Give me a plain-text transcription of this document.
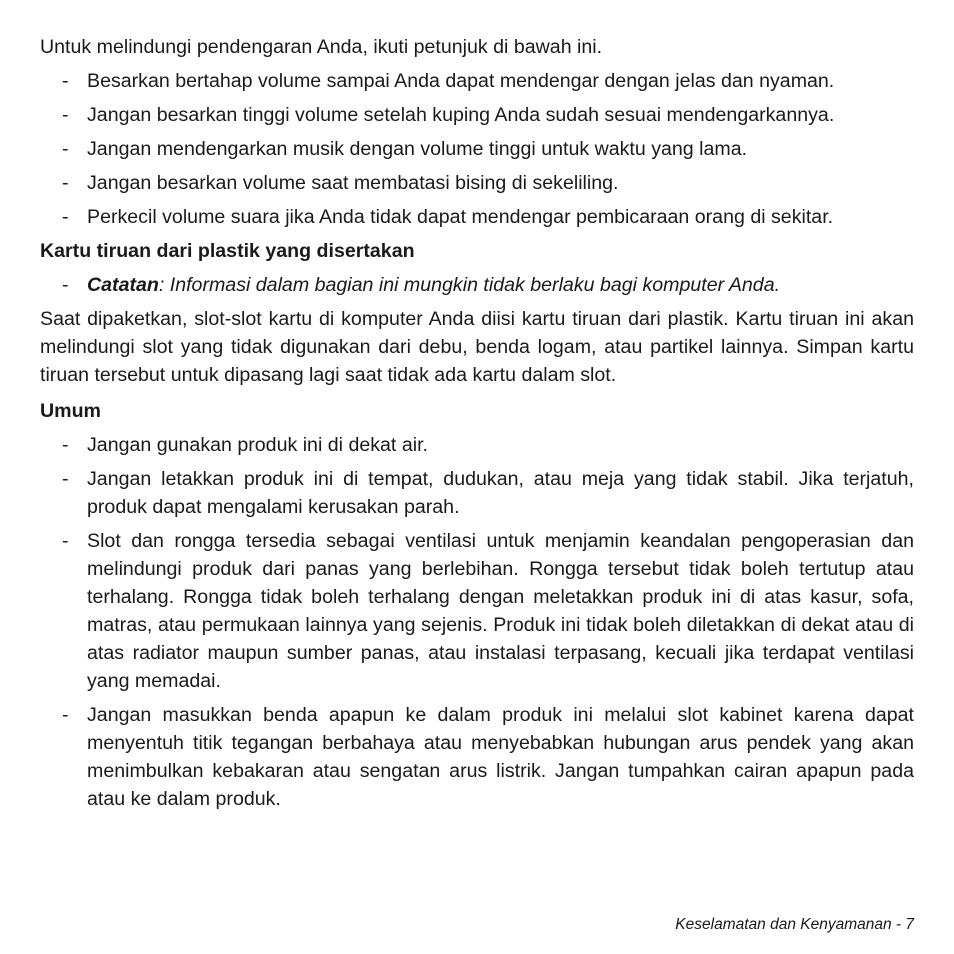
Untuk melindungi pendengaran Anda, ikuti petunjuk di bawah ini.

- Besarkan bertahap volume sampai Anda dapat mendengar dengan jelas dan nyaman.
- Jangan besarkan tinggi volume setelah kuping Anda sudah sesuai mendengarkannya.
- Jangan mendengarkan musik dengan volume tinggi untuk waktu yang lama.
- Jangan besarkan volume saat membatasi bising di sekeliling.
- Perkecil volume suara jika Anda tidak dapat mendengar pembicaraan orang di sekitar.
Kartu tiruan dari plastik yang disertakan
- Catatan: Informasi dalam bagian ini mungkin tidak berlaku bagi komputer Anda.

Saat dipaketkan, slot-slot kartu di komputer Anda diisi kartu tiruan dari plastik. Kartu tiruan ini akan melindungi slot yang tidak digunakan dari debu, benda logam, atau partikel lainnya. Simpan kartu tiruan tersebut untuk dipasang lagi saat tidak ada kartu dalam slot.

Umum
- Jangan gunakan produk ini di dekat air.
- Jangan letakkan produk ini di tempat, dudukan, atau meja yang tidak stabil. Jika terjatuh, produk dapat mengalami kerusakan parah.
- Slot dan rongga tersedia sebagai ventilasi untuk menjamin keandalan pengoperasian dan melindungi produk dari panas yang berlebihan. Rongga tersebut tidak boleh tertutup atau terhalang. Rongga tidak boleh terhalang dengan meletakkan produk ini di atas kasur, sofa, matras, atau permukaan lainnya yang sejenis. Produk ini tidak boleh diletakkan di dekat atau di atas radiator maupun sumber panas, atau instalasi terpasang, kecuali jika terdapat ventilasi yang memadai.
- Jangan masukkan benda apapun ke dalam produk ini melalui slot kabinet karena dapat menyentuh titik tegangan berbahaya atau menyebabkan hubungan arus pendek yang akan menimbulkan kebakaran atau sengatan arus listrik. Jangan tumpahkan cairan apapun pada atau ke dalam produk.
Keselamatan dan Kenyamanan - 7
